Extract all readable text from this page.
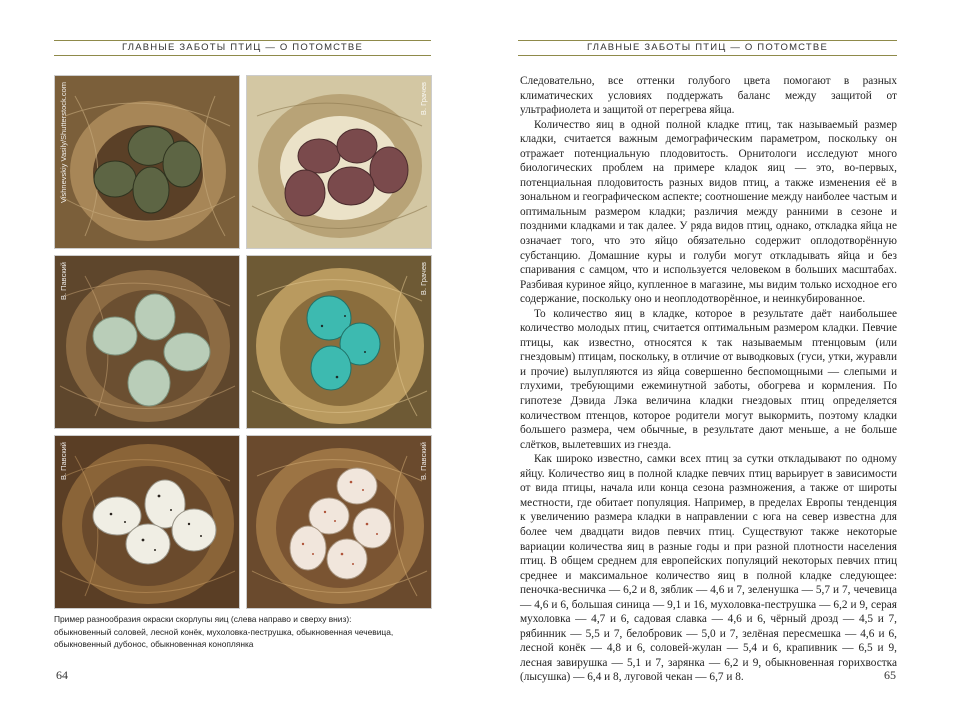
ГЛАВНЫЕ ЗАБОТЫ ПТИЦ — О ПОТОМСТВЕ
Vishnevskiy Vasily/Shutterstock.com	В. Грачев
В. Павский	В. Грачев
В. Павский	В. Павский
Пример разнообразия окраски скорлупы яиц (слева направо и сверху вниз):
обыкновенный соловей, лесной конёк, мухоловка-пеструшка, обыкновенная чечевица,
обыкновенный дубонос, обыкновенная коноплянка
64
ГЛАВНЫЕ ЗАБОТЫ ПТИЦ — О ПОТОМСТВЕ

Следовательно, все оттенки голубого цвета помогают в разных климатических условиях поддержать баланс между защитой от ультрафиолета и защитой от перегрева яйца.

Количество яиц в одной полной кладке птиц, так называемый размер кладки, считается важным демографическим параметром, поскольку он отражает потенциальную плодовитость. Орнитологи исследуют много биологических проблем на примере кладок яиц — это, во-первых, потенциальная плодовитость разных видов птиц, а также изменения её в зональном и географическом аспекте; соотношение между наиболее частым и оптимальным размером кладки; различия между ранними в сезоне и поздними кладками и так далее. У ряда видов птиц, однако, откладка яйца не означает того, что это яйцо обязательно содержит оплодотворённую субстанцию. Домашние куры и голуби могут откладывать яйца и без спаривания с самцом, что и используется человеком в больших масштабах. Разбивая куриное яйцо, купленное в магазине, мы видим только исходное его содержание, поскольку оно и неоплодотворённое, и неинкубированное.

То количество яиц в кладке, которое в результате даёт наибольшее количество молодых птиц, считается оптимальным размером кладки. Певчие птицы, как известно, относятся к так называемым птенцовым (или гнездовым) птицам, поскольку, в отличие от выводковых (гуси, утки, журавли и прочие) вылупляются из яйца совершенно беспомощными — слепыми и глухими, требующими ежеминутной заботы, обогрева и кормления. По гипотезе Дэвида Лэка величина кладки гнездовых птиц определяется количеством птенцов, которое родители могут выкормить, поэтому кладки большего размера, чем обычные, в результате дают меньше, а не больше слётков, вылетевших из гнезда.

Как широко известно, самки всех птиц за сутки откладывают по одному яйцу. Количество яиц в полной кладке певчих птиц варьирует в зависимости от вида птицы, начала или конца сезона размножения, а также от широты местности, где обитает популяция. Например, в пределах Европы тенденция к увеличению размера кладки в направлении с юга на север известна для более чем двадцати видов певчих птиц. Существуют также некоторые вариации количества яиц в разные годы и при разной плотности населения птиц. В общем среднем для европейских популяций некоторых певчих птиц среднее и максимальное количество яиц в полной кладке следующее: пеночка-весничка — 6,2 и 8, зяблик — 4,6 и 7, зеленушка — 5,7 и 7, чечевица — 4,6 и 6, большая синица — 9,1 и 16, мухоловка-пеструшка — 6,2 и 9, серая мухоловка — 4,7 и 6, садовая славка — 4,6 и 6, чёрный дрозд — 4,5 и 7, рябинник — 5,5 и 7, белобровик — 5,0 и 7, зелёная пересмешка — 4,6 и 6, лесной конёк — 4,8 и 6, соловей-жулан — 5,4 и 6, крапивник — 6,5 и 9, лесная завирушка — 5,1 и 7, зарянка — 6,2 и 9, обыкновенная горихвостка (лысушка) — 6,4 и 8, луговой чекан — 6,7 и 8.	65
